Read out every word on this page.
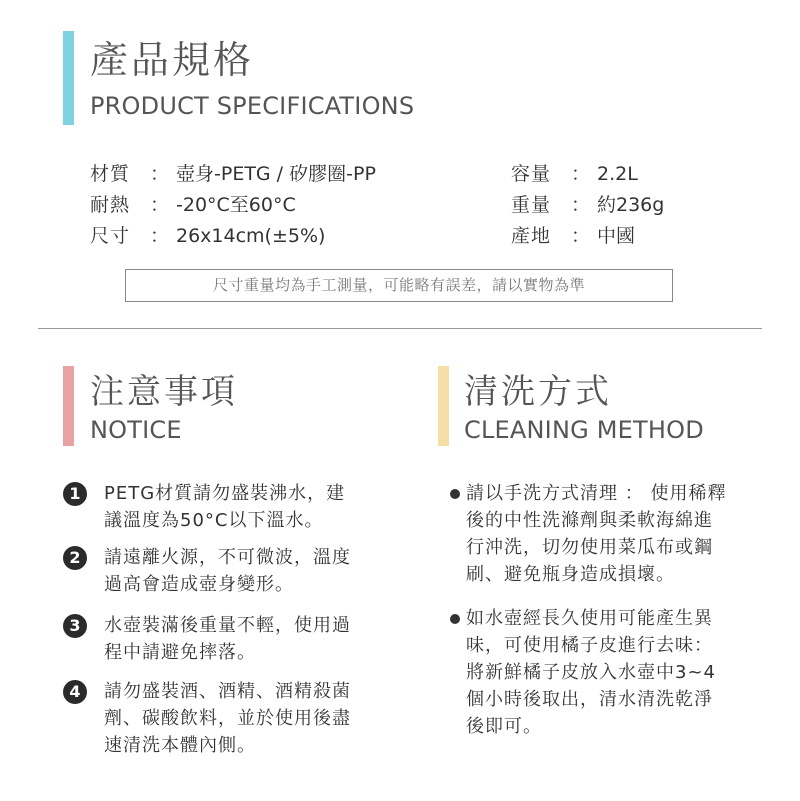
產品規格
PRODUCT SPECIFICATIONS
材質 ： 壺身-PETG / 矽膠圈-PP
耐熱 ： -20°C至60°C
尺寸 ： 26x14cm(±5%)
容量 ： 2.2L
重量 ： 約236g
產地 ： 中國
尺寸重量均為手工測量，可能略有誤差，請以實物為準
注意事項
NOTICE
1	PETG材質請勿盛裝沸水，建
議溫度為50°C以下溫水。
2	請遠離火源，不可微波，溫度
過高會造成壺身變形。
3	水壺裝滿後重量不輕，使用過
程中請避免摔落。
4	請勿盛裝酒、酒精、酒精殺菌
劑、碳酸飲料，並於使用後盡
速清洗本體內側。
清洗方式
CLEANING METHOD
請以手洗方式清理 ： 使用稀釋
後的中性洗滌劑與柔軟海綿進
行沖洗，切勿使用菜瓜布或鋼
刷、避免瓶身造成損壞。
如水壺經長久使用可能產生異
味，可使用橘子皮進行去味：
將新鮮橘子皮放入水壺中3~4
個小時後取出，清水清洗乾淨
後即可。
